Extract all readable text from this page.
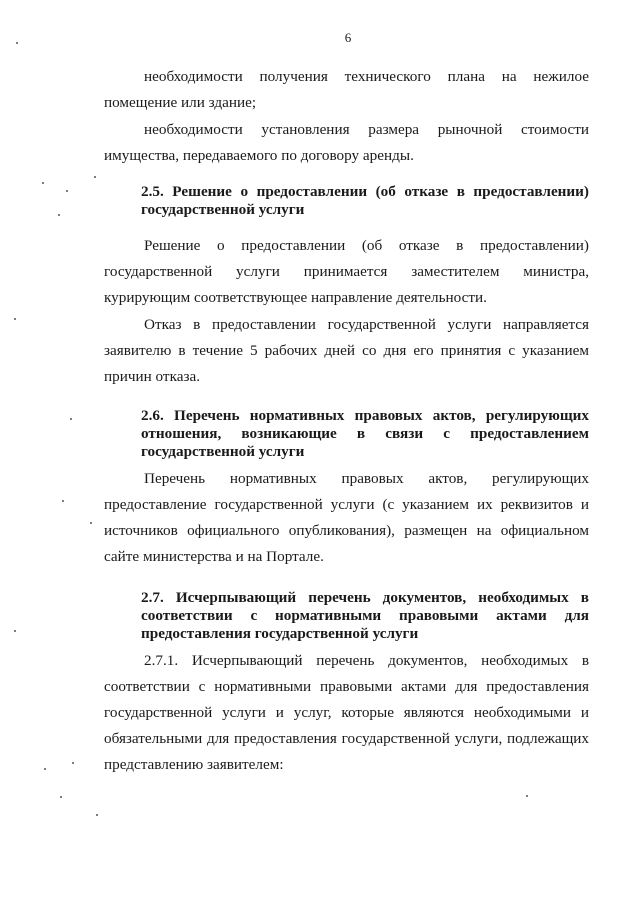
6
необходимости получения технического плана на нежилое помещение или здание;
необходимости установления размера рыночной стоимости имущества, передаваемого по договору аренды.
2.5. Решение о предоставлении (об отказе в предоставлении) государственной услуги
Решение о предоставлении (об отказе в предоставлении) государственной услуги принимается заместителем министра, курирующим соответствующее направление деятельности.
Отказ в предоставлении государственной услуги направляется заявителю в течение 5 рабочих дней со дня его принятия с указанием причин отказа.
2.6. Перечень нормативных правовых актов, регулирующих отношения, возникающие в связи с предоставлением государственной услуги
Перечень нормативных правовых актов, регулирующих предоставление государственной услуги (с указанием их реквизитов и источников официального опубликования), размещен на официальном сайте министерства и на Портале.
2.7. Исчерпывающий перечень документов, необходимых в соответствии с нормативными правовыми актами для предоставления государственной услуги
2.7.1. Исчерпывающий перечень документов, необходимых в соответствии с нормативными правовыми актами для предоставления государственной услуги и услуг, которые являются необходимыми и обязательными для предоставления государственной услуги, подлежащих представлению заявителем:
